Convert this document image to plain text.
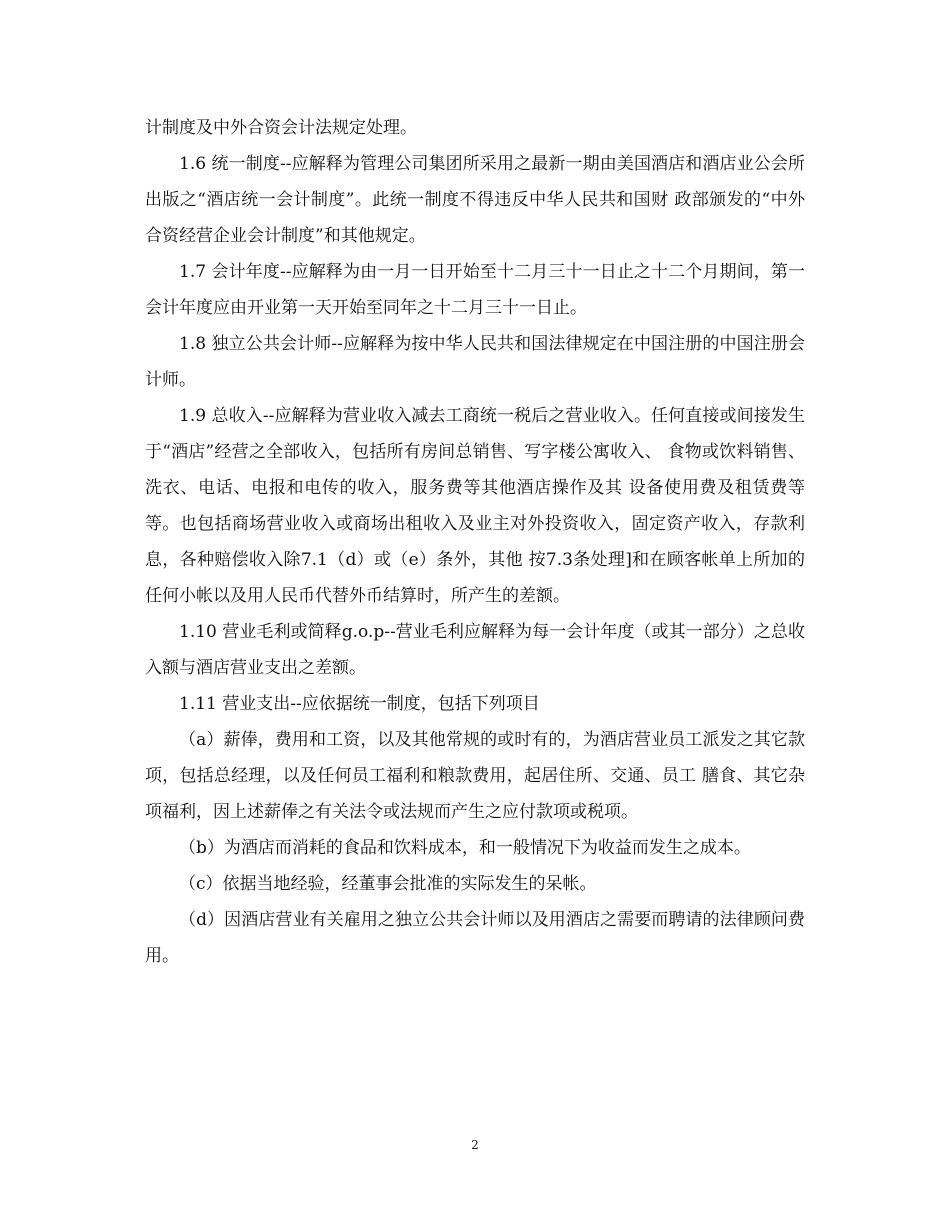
计制度及中外合资会计法规定处理。

1.6 统一制度--应解释为管理公司集团所采用之最新一期由美国酒店和酒店业公会所出版之“酒店统一会计制度”。此统一制度不得违反中华人民共和国财 政部颁发的“中外合资经营企业会计制度”和其他规定。

1.7 会计年度--应解释为由一月一日开始至十二月三十一日止之十二个月期间，第一会计年度应由开业第一天开始至同年之十二月三十一日止。

1.8 独立公共会计师--应解释为按中华人民共和国法律规定在中国注册的中国注册会计师。

1.9 总收入--应解释为营业收入减去工商统一税后之营业收入。任何直接或间接发生于“酒店”经营之全部收入，包括所有房间总销售、写字楼公寓收入、 食物或饮料销售、洗衣、电话、电报和电传的收入，服务费等其他酒店操作及其 设备使用费及租赁费等等。也包括商场营业收入或商场出租收入及业主对外投资收入，固定资产收入，存款利息，各种赔偿收入除7.1（d）或（e）条外，其他 按7.3条处理]和在顾客帐单上所加的任何小帐以及用人民币代替外币结算时，所产生的差额。

1.10 营业毛利或简释g.o.p--营业毛利应解释为每一会计年度（或其一部分）之总收入额与酒店营业支出之差额。

1.11 营业支出--应依据统一制度，包括下列项目

（a）薪俸，费用和工资，以及其他常规的或时有的，为酒店营业员工派发之其它款项，包括总经理，以及任何员工福利和粮款费用，起居住所、交通、员工 膳食、其它杂项福利，因上述薪俸之有关法令或法规而产生之应付款项或税项。

（b）为酒店而消耗的食品和饮料成本，和一般情况下为收益而发生之成本。

（c）依据当地经验，经董事会批准的实际发生的呆帐。

（d）因酒店营业有关雇用之独立公共会计师以及用酒店之需要而聘请的法律顾问费用。

2
